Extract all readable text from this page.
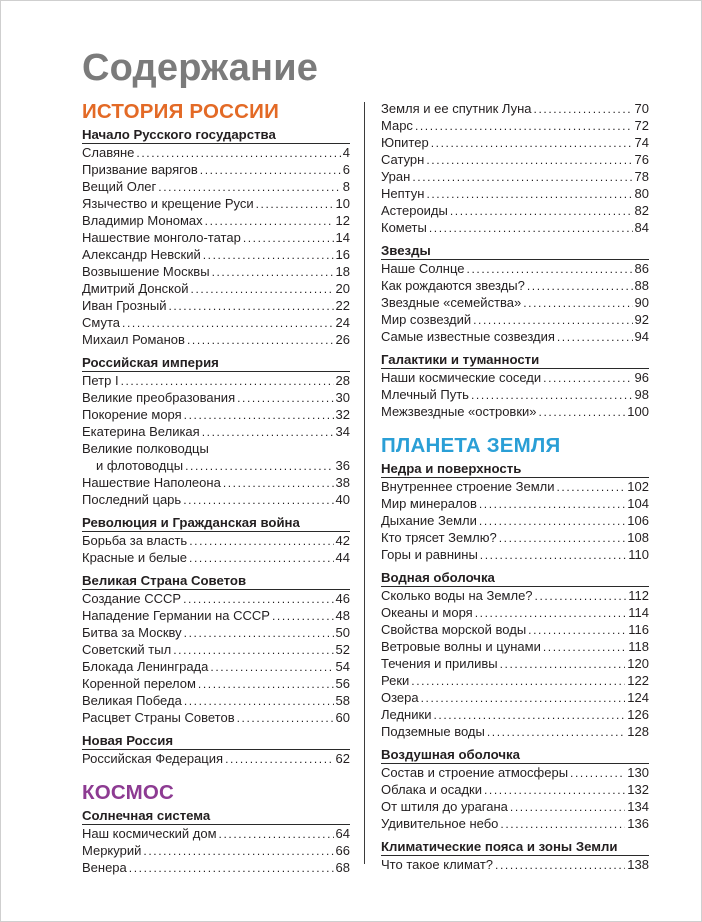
Содержание
ИСТОРИЯ РОССИИ
Начало Русского государства
Славяне .....	4
Призвание варягов .....	6
Вещий Олег .....	8
Язычество и крещение Руси .....	10
Владимир Мономах .....	12
Нашествие монголо-татар .....	14
Александр Невский .....	16
Возвышение Москвы .....	18
Дмитрий Донской .....	20
Иван Грозный .....	22
Смута .....	24
Михаил Романов .....	26
Российская империя
Петр I .....	28
Великие преобразования .....	30
Покорение моря .....	32
Екатерина Великая .....	34
Великие полководцы
и флотоводцы .....	36
Нашествие Наполеона .....	38
Последний царь .....	40
Революция и Гражданская война
Борьба за власть .....	42
Красные и белые .....	44
Великая Страна Советов
Создание СССР .....	46
Нападение Германии на СССР .....	48
Битва за Москву .....	50
Советский тыл .....	52
Блокада Ленинграда .....	54
Коренной перелом .....	56
Великая Победа .....	58
Расцвет Страны Советов .....	60
Новая Россия
Российская Федерация .....	62
КОСМОС
Солнечная система
Наш космический дом .....	64
Меркурий .....	66
Венера .....	68
Земля и ее спутник Луна .....	70
Марс .....	72
Юпитер .....	74
Сатурн .....	76
Уран .....	78
Нептун .....	80
Астероиды .....	82
Кометы .....	84
Звезды
Наше Солнце .....	86
Как рождаются звезды? .....	88
Звездные «семейства» .....	90
Мир созвездий .....	92
Самые известные созвездия .....	94
Галактики и туманности
Наши космические соседи .....	96
Млечный Путь .....	98
Межзвездные «островки» .....	100
ПЛАНЕТА ЗЕМЛЯ
Недра и поверхность
Внутреннее строение Земли .....	102
Мир минералов .....	104
Дыхание Земли .....	106
Кто трясет Землю? .....	108
Горы и равнины .....	110
Водная оболочка
Сколько воды на Земле? .....	112
Океаны и моря .....	114
Свойства морской воды .....	116
Ветровые волны и цунами .....	118
Течения и приливы .....	120
Реки .....	122
Озера .....	124
Ледники .....	126
Подземные воды .....	128
Воздушная оболочка
Состав и строение атмосферы .....	130
Облака и осадки .....	132
От штиля до урагана .....	134
Удивительное небо .....	136
Климатические пояса и зоны Земли
Что такое климат? .....	138
